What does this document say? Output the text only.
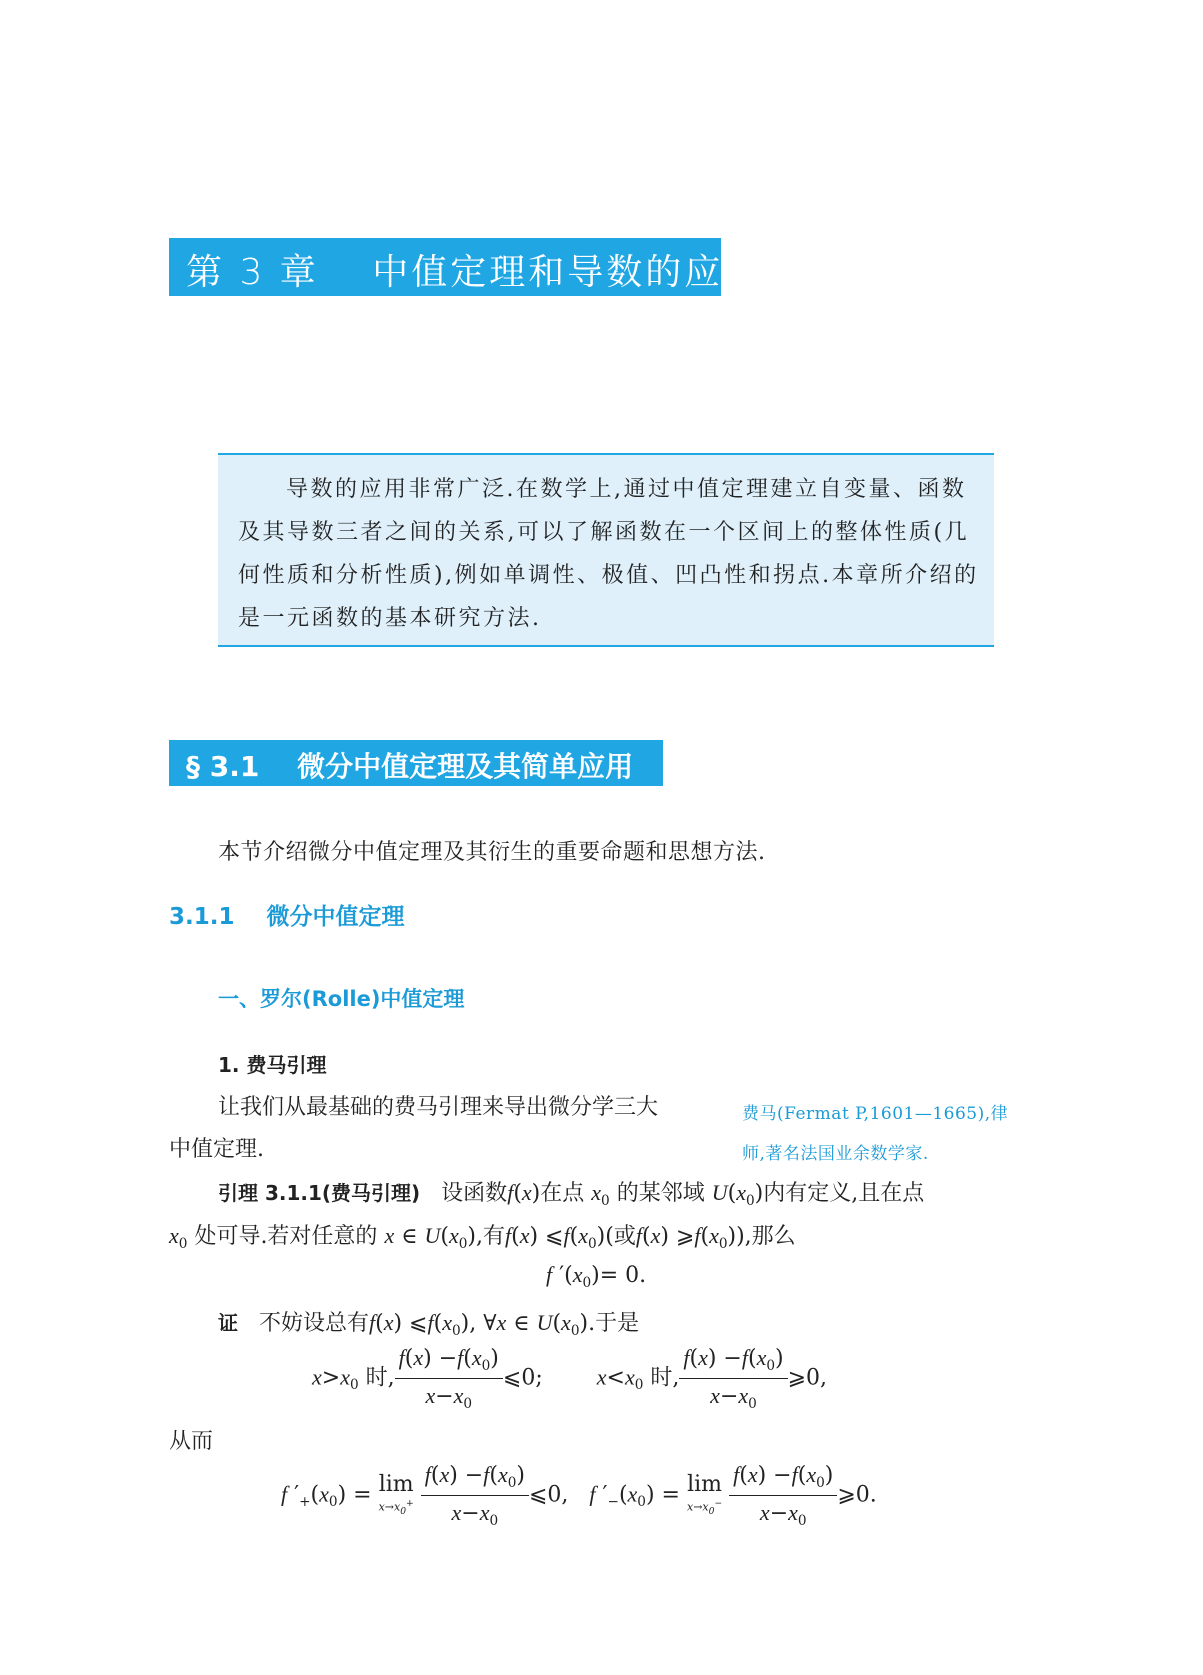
第 3 章　 中值定理和导数的应用
导数的应用非常广泛.在数学上,通过中值定理建立自变量、函数及其导数三者之间的关系,可以了解函数在一个区间上的整体性质(几何性质和分析性质),例如单调性、极值、凹凸性和拐点.本章所介绍的是一元函数的基本研究方法.
§ 3.1　 微分中值定理及其简单应用
本节介绍微分中值定理及其衍生的重要命题和思想方法.
3.1.1 微分中值定理
一、罗尔(Rolle)中值定理
1. 费马引理
让我们从最基础的费马引理来导出微分学三大
中值定理.
费马(Fermat P,1601—1665),律
师,著名法国业余数学家.
引理 3.1.1(费马引理) 设函数f(x)在点 $x_0$ 的某邻域 $U(x_0)$内有定义,且在点
$x_0$ 处可导.若对任意的 x ∈ $U(x_0)$,有f(x) $⩽f(x_0)$(或f(x) $⩾f(x_0)$),那么
f $'(x_0)= 0$.
证 不妨设总有f(x) $⩽f(x_0)$, ∀x ∈ $U(x_0)$.于是
$x>x_0$ 时, $\frac{f(x) -f(x_0)}{x-x_0}$ ⩽0;  $x<x_0$ 时, $\frac{f(x) -f(x_0)}{x-x_0}$ ⩾0,
从而
f $'_+(x_0) = \lim$
$x\to x_0^+$
$\frac{f(x) -f(x_0)}{x-x_0}$ ⩽0,   f $'_-(x_0) = \lim$
$x\to x_0^-$
$\frac{f(x) -f(x_0)}{x-x_0}$ ⩾0.
